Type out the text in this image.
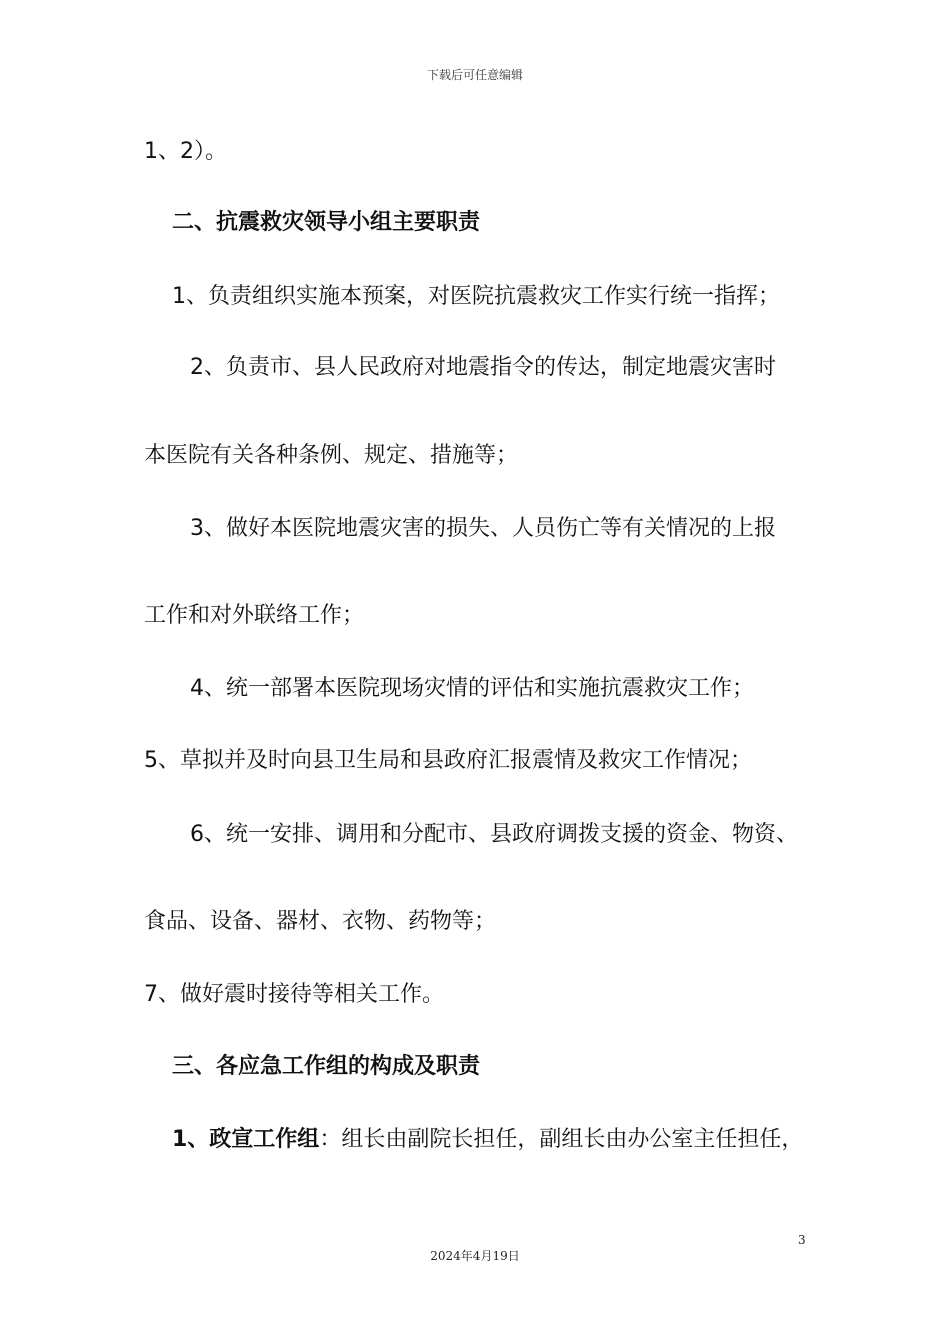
下载后可任意编辑
1、2）。
二、抗震救灾领导小组主要职责
1、负责组织实施本预案，对医院抗震救灾工作实行统一指挥；
2、负责市、县人民政府对地震指令的传达，制定地震灾害时
本医院有关各种条例、规定、措施等；
3、做好本医院地震灾害的损失、人员伤亡等有关情况的上报
工作和对外联络工作；
4、统一部署本医院现场灾情的评估和实施抗震救灾工作；
5、草拟并及时向县卫生局和县政府汇报震情及救灾工作情况；
6、统一安排、调用和分配市、县政府调拨支援的资金、物资、
食品、设备、器材、衣物、药物等；
7、做好震时接待等相关工作。
三、各应急工作组的构成及职责
1、政宣工作组：组长由副院长担任，副组长由办公室主任担任，
3
2024年4月19日
